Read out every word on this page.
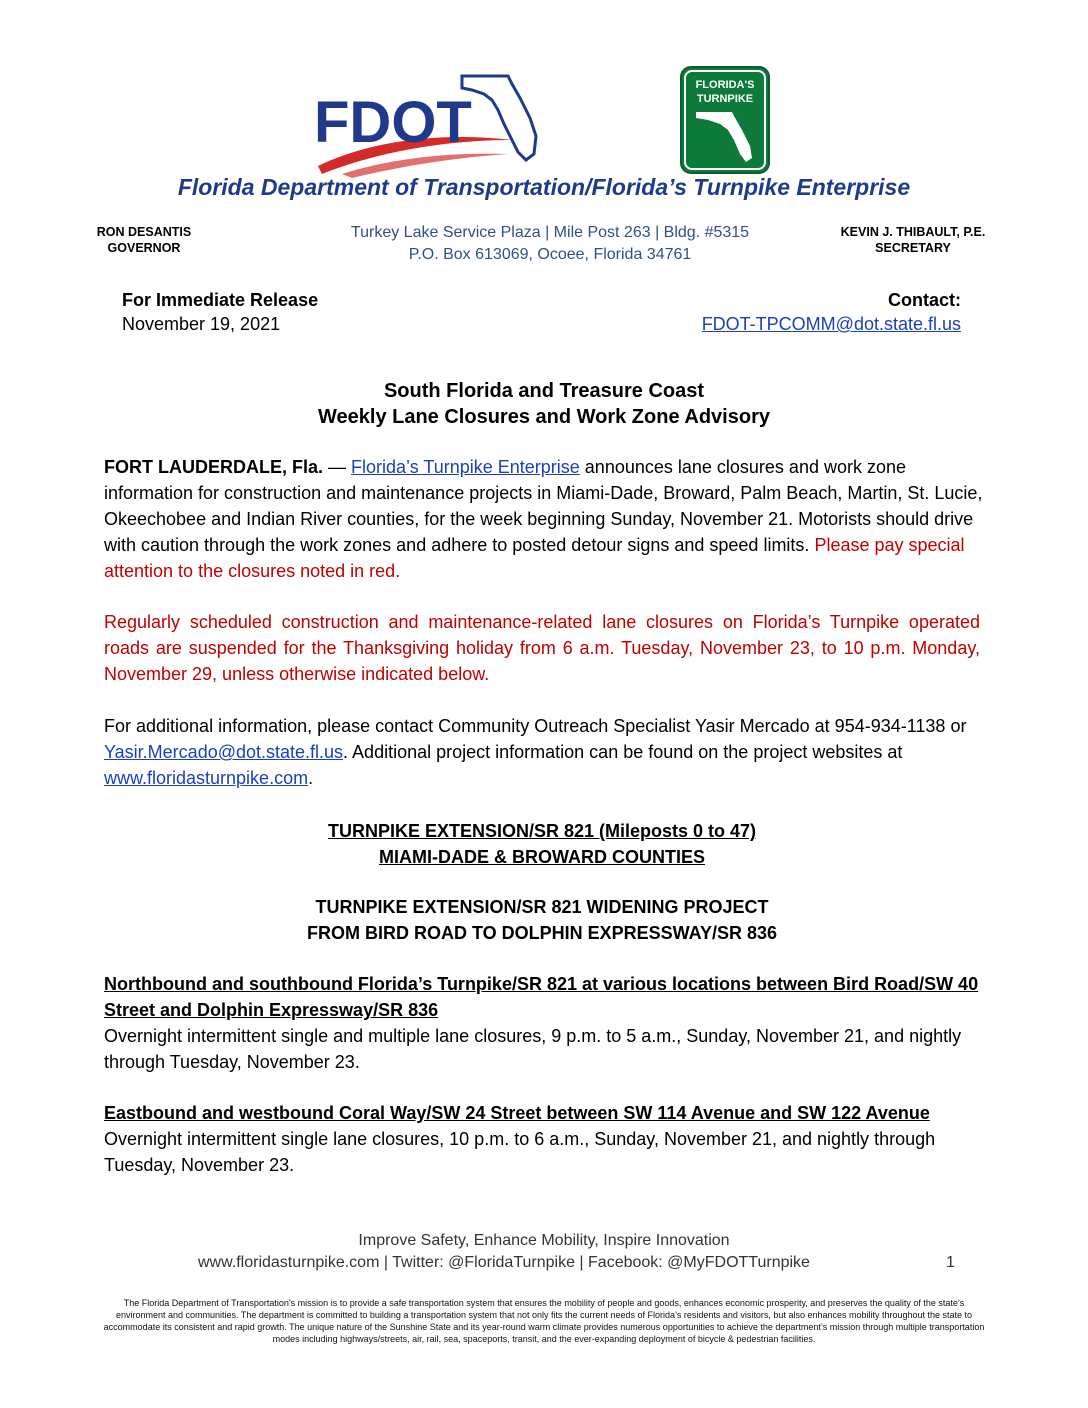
FDOT
FLORIDA'S
TURNPIKE
Florida Department of Transportation/Florida’s Turnpike Enterprise
RON DESANTIS
GOVERNOR
Turkey Lake Service Plaza | Mile Post 263 | Bldg. #5315
P.O. Box 613069, Ocoee, Florida 34761
KEVIN J. THIBAULT, P.E.
SECRETARY
For Immediate Release
November 19, 2021
Contact:
FDOT-TPCOMM@dot.state.fl.us
South Florida and Treasure Coast
Weekly Lane Closures and Work Zone Advisory
FORT LAUDERDALE, Fla. — Florida’s Turnpike Enterprise announces lane closures and work zone information for construction and maintenance projects in Miami-Dade, Broward, Palm Beach, Martin, St. Lucie, Okeechobee and Indian River counties, for the week beginning Sunday, November 21. Motorists should drive with caution through the work zones and adhere to posted detour signs and speed limits. Please pay special attention to the closures noted in red.
Regularly scheduled construction and maintenance-related lane closures on Florida’s Turnpike operated roads are suspended for the Thanksgiving holiday from 6 a.m. Tuesday, November 23, to 10 p.m. Monday, November 29, unless otherwise indicated below.
For additional information, please contact Community Outreach Specialist Yasir Mercado at 954-934-1138 or Yasir.Mercado@dot.state.fl.us. Additional project information can be found on the project websites at www.floridasturnpike.com.
TURNPIKE EXTENSION/SR 821 (Mileposts 0 to 47)
MIAMI-DADE & BROWARD COUNTIES
TURNPIKE EXTENSION/SR 821 WIDENING PROJECT
FROM BIRD ROAD TO DOLPHIN EXPRESSWAY/SR 836
Northbound and southbound Florida’s Turnpike/SR 821 at various locations between Bird Road/SW 40 Street and Dolphin Expressway/SR 836
Overnight intermittent single and multiple lane closures, 9 p.m. to 5 a.m., Sunday, November 21, and nightly through Tuesday, November 23.
Eastbound and westbound Coral Way/SW 24 Street between SW 114 Avenue and SW 122 Avenue
Overnight intermittent single lane closures, 10 p.m. to 6 a.m., Sunday, November 21, and nightly through Tuesday, November 23.
Improve Safety, Enhance Mobility, Inspire Innovation
www.floridasturnpike.com | Twitter: @FloridaTurnpike | Facebook: @MyFDOTTurnpike	1
The Florida Department of Transportation’s mission is to provide a safe transportation system that ensures the mobility of people and goods, enhances economic prosperity, and preserves the quality of the state’s environment and communities. The department is committed to building a transportation system that not only fits the current needs of Florida’s residents and visitors, but also enhances mobility throughout the state to accommodate its consistent and rapid growth. The unique nature of the Sunshine State and its year-round warm climate provides numerous opportunities to achieve the department’s mission through multiple transportation modes including highways/streets, air, rail, sea, spaceports, transit, and the ever-expanding deployment of bicycle & pedestrian facilities.
